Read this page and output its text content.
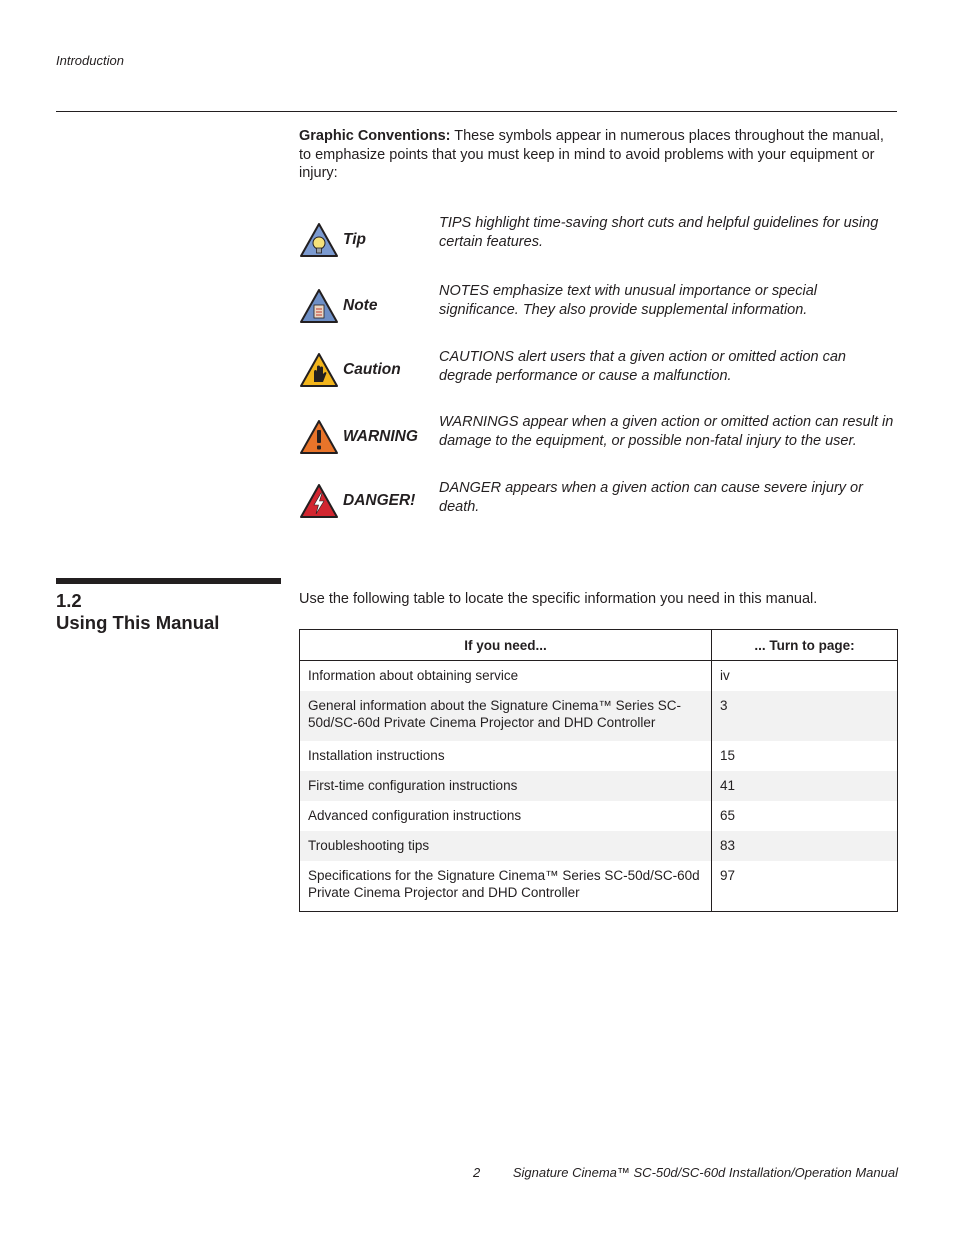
Introduction

Graphic Conventions: These symbols appear in numerous places throughout the manual, to emphasize points that you must keep in mind to avoid problems with your equipment or injury:

Tip
TIPS highlight time-saving short cuts and helpful guidelines for using certain features.
Note
NOTES emphasize text with unusual importance or special significance. They also provide supplemental information.
Caution
CAUTIONS alert users that a given action or omitted action can degrade performance or cause a malfunction.
WARNING
WARNINGS appear when a given action or omitted action can result in damage to the equipment, or possible non-fatal injury to the user.
DANGER!
DANGER appears when a given action can cause severe injury or death.
1.2
Using This Manual
Use the following table to locate the specific information you need in this manual.
If you need...	... Turn to page:
Information about obtaining service	iv
General information about the Signature Cinema™ Series SC-50d/SC-60d Private Cinema Projector and DHD Controller	3
Installation instructions	15
First-time configuration instructions	41
Advanced configuration instructions	65
Troubleshooting tips	83
Specifications for the Signature Cinema™ Series SC-50d/SC-60d Private Cinema Projector and DHD Controller	97
2	Signature Cinema™ SC-50d/SC-60d Installation/Operation Manual
